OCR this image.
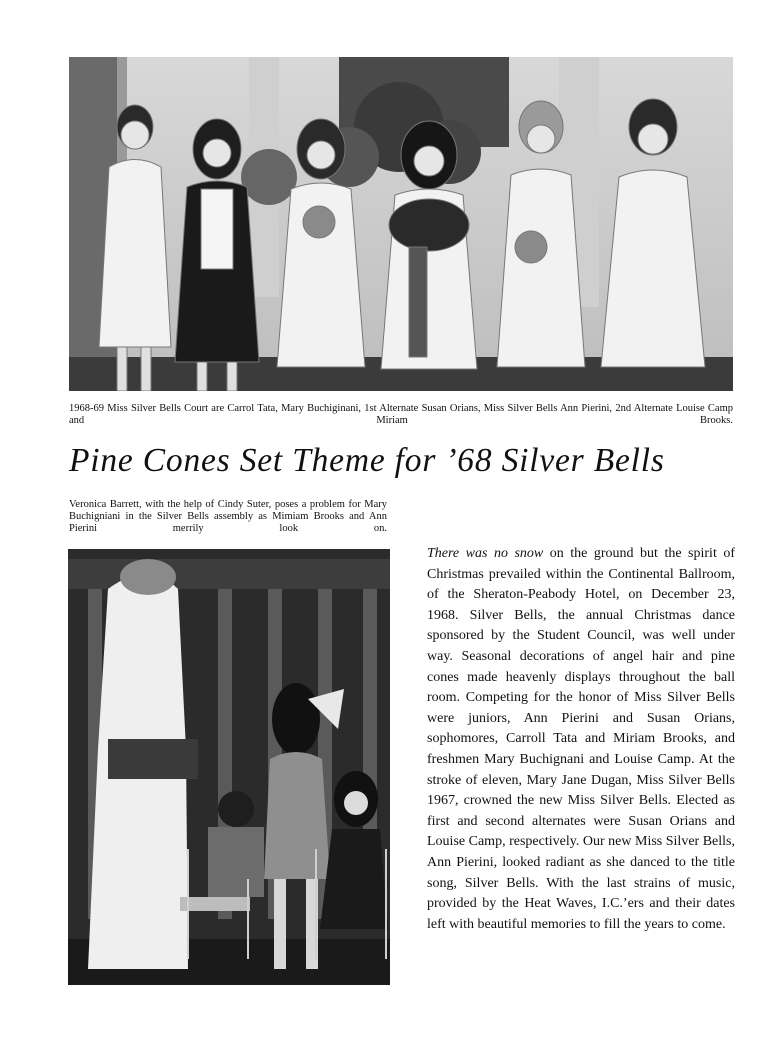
1968-69 Miss Silver Bells Court are Carrol Tata, Mary Buchiginani, 1st Alternate Susan Orians, Miss Silver Bells Ann Pierini, 2nd Alternate Louise Camp and Miriam Brooks.
Pine Cones Set Theme for ’68 Silver Bells
Veronica Barrett, with the help of Cindy Suter, poses a problem for Mary Buchigniani in the Silver Bells assembly as Mimiam Brooks and Ann Pierini merrily look on.
There was no snow on the ground but the spirit of Christmas prevailed within the Continental Ballroom, of the Sheraton-Peabody Hotel, on December 23, 1968. Silver Bells, the annual Christmas dance sponsored by the Student Council, was well under way. Seasonal decorations of angel hair and pine cones made heavenly displays throughout the ball room. Competing for the honor of Miss Silver Bells were juniors, Ann Pierini and Susan Orians, sophomores, Carroll Tata and Miriam Brooks, and freshmen Mary Buchignani and Louise Camp. At the stroke of eleven, Mary Jane Dugan, Miss Silver Bells 1967, crowned the new Miss Silver Bells. Elected as first and second alternates were Susan Orians and Louise Camp, respectively. Our new Miss Silver Bells, Ann Pierini, looked radiant as she danced to the title song, Silver Bells. With the last strains of music, provided by the Heat Waves, I.C.’ers and their dates left with beautiful memories to fill the years to come.
